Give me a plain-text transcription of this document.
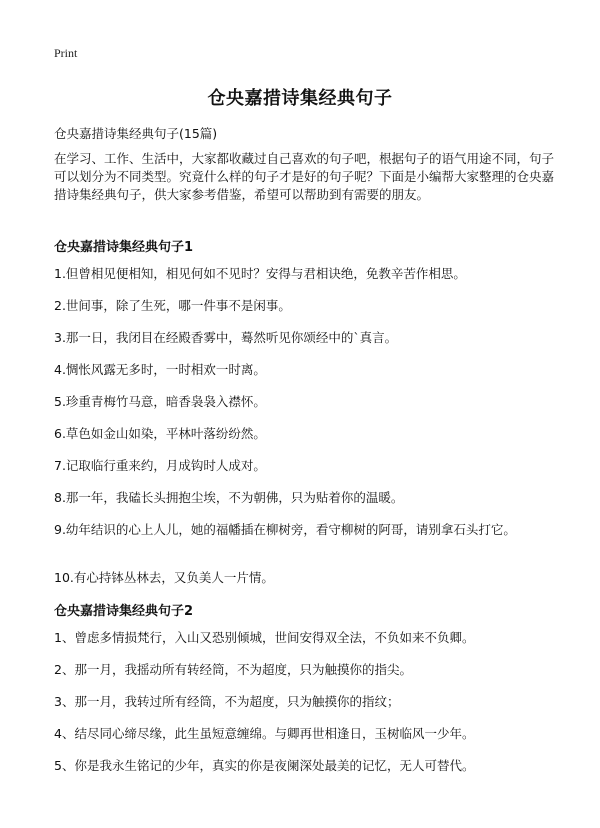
Print
仓央嘉措诗集经典句子
仓央嘉措诗集经典句子(15篇)

在学习、工作、生活中，大家都收藏过自己喜欢的句子吧，根据句子的语气用途不同，句子可以划分为不同类型。究竟什么样的句子才是好的句子呢？下面是小编帮大家整理的仓央嘉措诗集经典句子，供大家参考借鉴，希望可以帮助到有需要的朋友。

仓央嘉措诗集经典句子1

1.但曾相见便相知，相见何如不见时？安得与君相诀绝，免教辛苦作相思。

2.世间事，除了生死，哪一件事不是闲事。

3.那一日，我闭目在经殿香雾中，蓦然听见你颂经中的`真言。

4.惆怅风露无多时，一时相欢一时离。

5.珍重青梅竹马意，暗香袅袅入襟怀。

6.草色如金山如染，平林叶落纷纷然。

7.记取临行重来约，月成钩时人成对。

8.那一年，我磕长头拥抱尘埃，不为朝佛，只为贴着你的温暖。

9.幼年结识的心上人儿，她的福幡插在柳树旁，看守柳树的阿哥，请别拿石头打它。

10.有心持钵丛林去，又负美人一片情。

仓央嘉措诗集经典句子2

1、曾虑多情损梵行，入山又恐别倾城，世间安得双全法，不负如来不负卿。

2、那一月，我摇动所有转经筒，不为超度，只为触摸你的指尖。

3、那一月，我转过所有经筒，不为超度，只为触摸你的指纹；

4、结尽同心缔尽缘，此生虽短意缠绵。与卿再世相逢日，玉树临风一少年。

5、你是我永生铭记的少年，真实的你是夜阑深处最美的记忆，无人可替代。
